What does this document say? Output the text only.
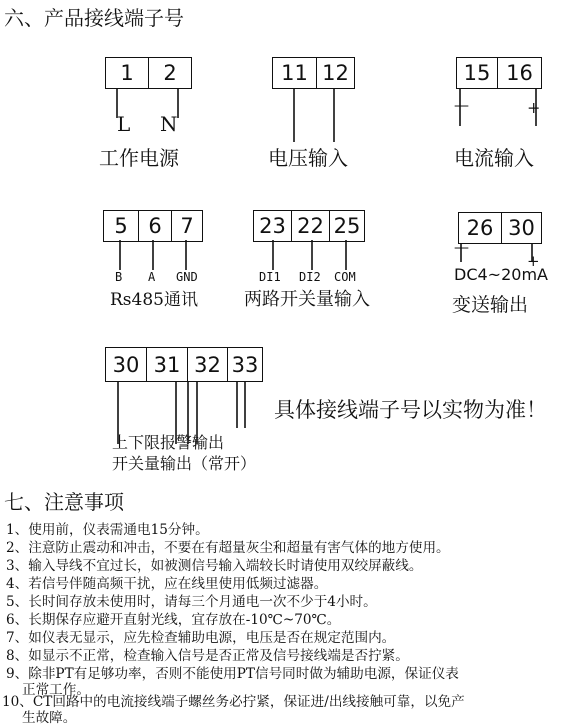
六、产品接线端子号
1	2
L N
工作电源
11 12
电压输入
15 16
—	+
电流输入
5 6 7
B A GND
Rs485通讯
23 22 25
DI1 DI2 COM
两路开关量输入
26 30
—
+
DC4~20mA
变送输出
30 31 32 33
上下限报警输出
开关量输出（常开）
具体接线端子号以实物为准！
七、注意事项
1、使用前，仪表需通电15分钟。
2、注意防止震动和冲击，不要在有超量灰尘和超量有害气体的地方使用。
3、输入导线不宜过长，如被测信号输入端较长时请使用双绞屏蔽线。
4、若信号伴随高频干扰，应在线里使用低频过滤器。
5、长时间存放未使用时，请每三个月通电一次不少于4小时。
6、长期保存应避开直射光线，宜存放在-10℃~70℃。
7、如仪表无显示，应先检查辅助电源，电压是否在规定范围内。
8、如显示不正常，检查输入信号是否正常及信号接线端是否拧紧。
9、除非PT有足够功率，否则不能使用PT信号同时做为辅助电源，保证仪表
正常工作。
10、CT回路中的电流接线端子螺丝务必拧紧，保证进/出线接触可靠，以免产
生故障。
